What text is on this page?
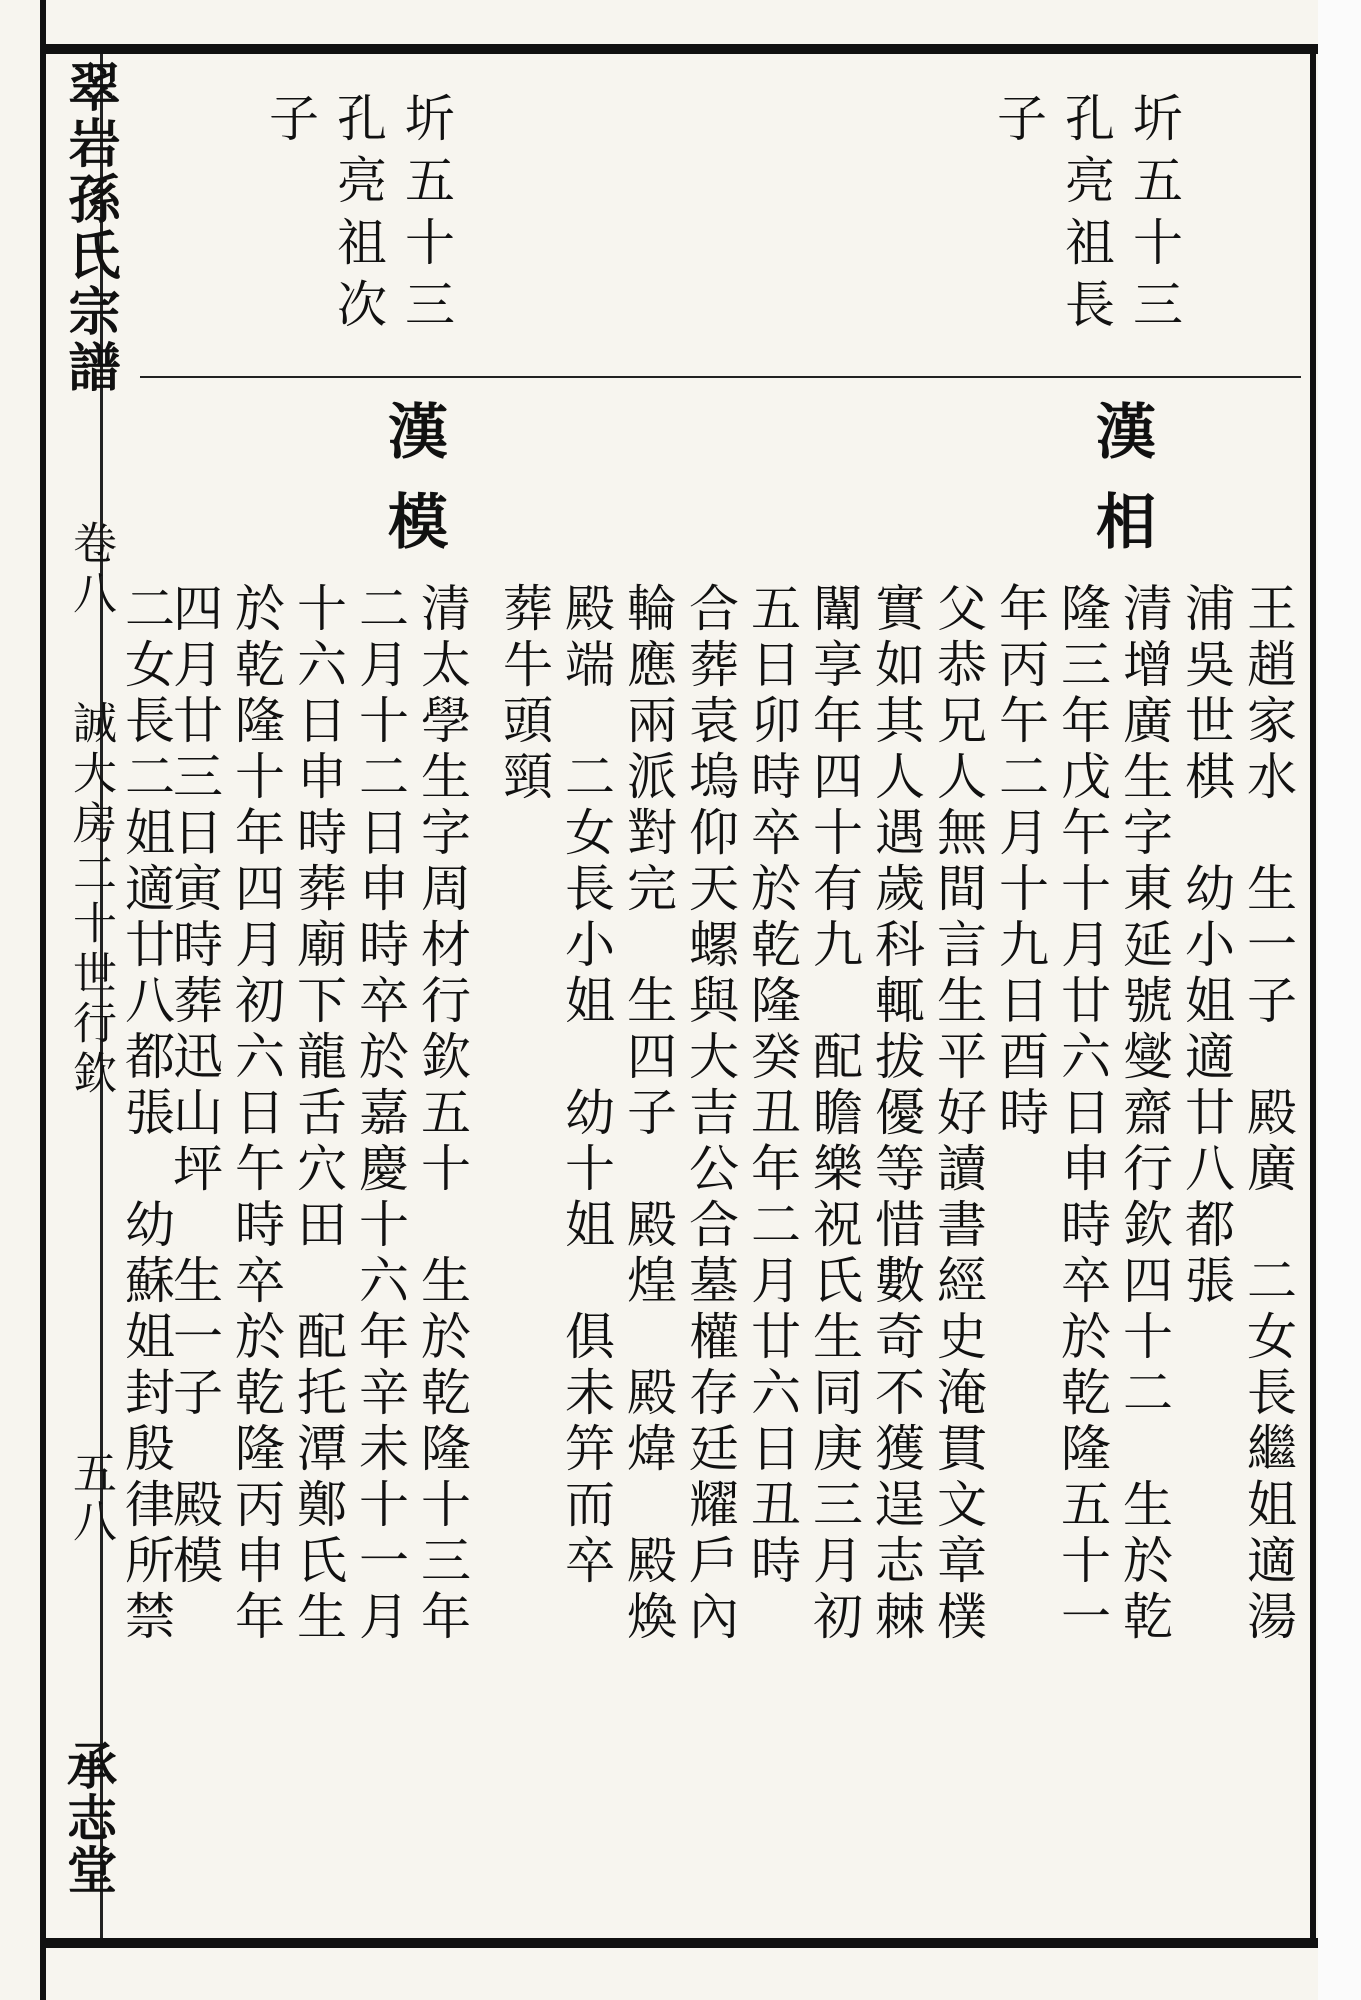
翠岩孫氏宗譜
卷八
誠大房二十世行欽
五八
承志堂
圻五十三
孔亮祖長
子
漢相
王趙家水　生一子　殿廣　二女長繼姐適湯
浦吳世棋　幼小姐適廿八都張
清增廣生字東延號燮齋行欽四十二　生於乾
隆三年戊午十月廿六日申時卒於乾隆五十一
年丙午二月十九日酉時
父恭兄人無間言生平好讀書經史淹貫文章樸
實如其人遇歲科輒拔優等惜數奇不獲逞志棘
闈享年四十有九　配瞻樂祝氏生同庚三月初
五日卯時卒於乾隆癸丑年二月廿六日丑時
合葬袁塢仰天螺與大吉公合墓權存廷耀戶內
輪應兩派對完　生四子　殿煌　殿煒　殿煥
殿端　二女長小姐　幼十姐　俱未笄而卒
葬牛頭頸
圻五十三
孔亮祖次
子
漢模
清太學生字周材行欽五十　生於乾隆十三年
二月十二日申時卒於嘉慶十六年辛未十一月
十六日申時葬廟下龍舌穴田　配托潭鄭氏生
於乾隆十年四月初六日午時卒於乾隆丙申年
四月廿三日寅時葬迅山坪　生一子　殿模
二女長二姐適廿八都張　幼蘇姐封殷律所禁
